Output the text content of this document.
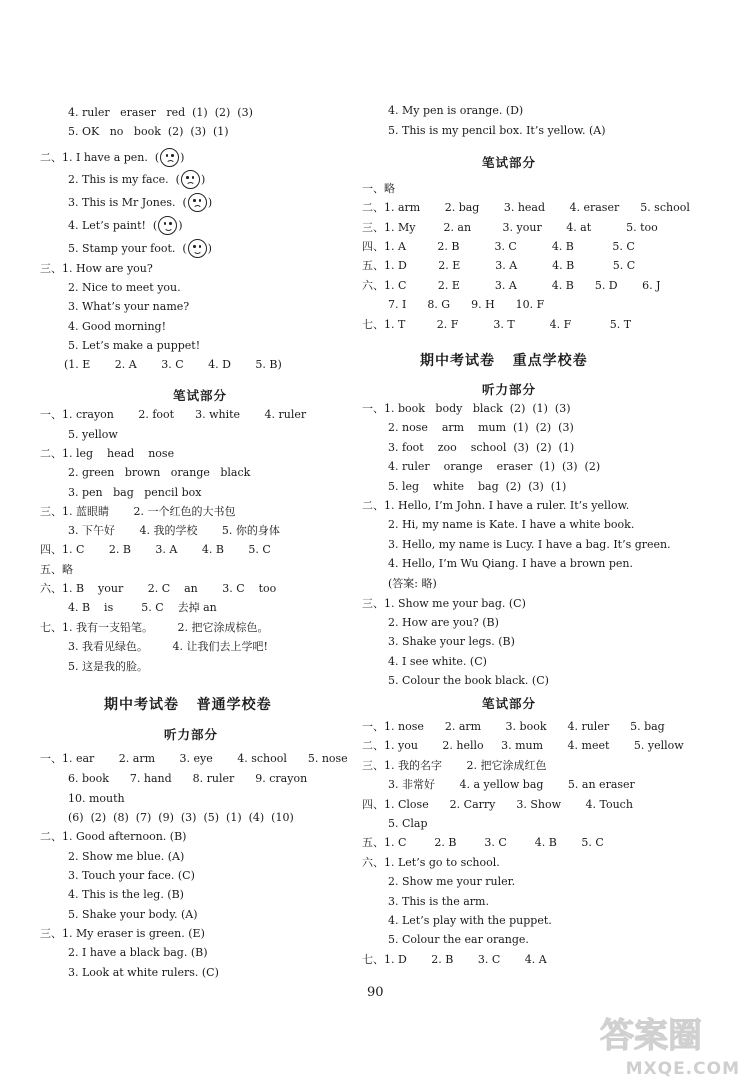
笔试部分
期中考试卷   普通学校卷
听力部分
4. ruler   eraser   red  (1)  (2)  (3)
5. OK   no   book  (2)  (3)  (1)
二、1. I have a pen.  ( )
2. This is my face.  ( )
3. This is Mr Jones.  ( )
4. Let’s paint!  ( )
5. Stamp your foot.  ( )
三、1. How are you?
2. Nice to meet you.
3. What’s your name?
4. Good morning!
5. Let’s make a puppet!
(1. E       2. A       3. C       4. D       5. B)
一、1. crayon       2. foot      3. white       4. ruler
5. yellow
二、1. leg    head    nose
2. green   brown   orange   black
3. pen   bag   pencil box
三、1. 蓝眼睛       2. 一个红色的大书包
3. 下午好       4. 我的学校       5. 你的身体
四、1. C       2. B       3. A       4. B       5. C
五、略
六、1. B    your       2. C    an       3. C    too
4. B    is        5. C    去掉 an
七、1. 我有一支铅笔。       2. 把它涂成棕色。
3. 我看见绿色。       4. 让我们去上学吧!
5. 这是我的脸。
一、1. ear       2. arm       3. eye       4. school      5. nose
6. book      7. hand      8. ruler      9. crayon
10. mouth
(6)  (2)  (8)  (7)  (9)  (3)  (5)  (1)  (4)  (10)
二、1. Good afternoon. (B)
2. Show me blue. (A)
3. Touch your face. (C)
4. This is the leg. (B)
5. Shake your body. (A)
三、1. My eraser is green. (E)
2. I have a black bag. (B)
3. Look at white rulers. (C)
笔试部分
期中考试卷   重点学校卷
听力部分
笔试部分
4. My pen is orange. (D)
5. This is my pencil box. It’s yellow. (A)
一、略
二、1. arm       2. bag       3. head       4. eraser      5. school
三、1. My        2. an         3. your       4. at          5. too
四、1. A         2. B          3. C          4. B           5. C
五、1. D         2. E          3. A          4. B           5. C
六、1. C         2. E          3. A          4. B      5. D       6. J
7. I      8. G      9. H      10. F
七、1. T         2. F          3. T          4. F           5. T
一、1. book   body   black  (2)  (1)  (3)
2. nose    arm    mum  (1)  (2)  (3)
3. foot    zoo    school  (3)  (2)  (1)
4. ruler    orange    eraser  (1)  (3)  (2)
5. leg    white    bag  (2)  (3)  (1)
二、1. Hello, I’m John. I have a ruler. It’s yellow.
2. Hi, my name is Kate. I have a white book.
3. Hello, my name is Lucy. I have a bag. It’s green.
4. Hello, I’m Wu Qiang. I have a brown pen.
(答案: 略)
三、1. Show me your bag. (C)
2. How are you? (B)
3. Shake your legs. (B)
4. I see white. (C)
5. Colour the book black. (C)
一、1. nose      2. arm       3. book      4. ruler      5. bag
二、1. you       2. hello     3. mum       4. meet       5. yellow
三、1. 我的名字       2. 把它涂成红色
3. 非常好       4. a yellow bag       5. an eraser
四、1. Close      2. Carry      3. Show       4. Touch
5. Clap
五、1. C        2. B        3. C        4. B       5. C
六、1. Let’s go to school.
2. Show me your ruler.
3. This is the arm.
4. Let’s play with the puppet.
5. Colour the ear orange.
七、1. D       2. B       3. C       4. A
90
答案圈
MXQE.COM
